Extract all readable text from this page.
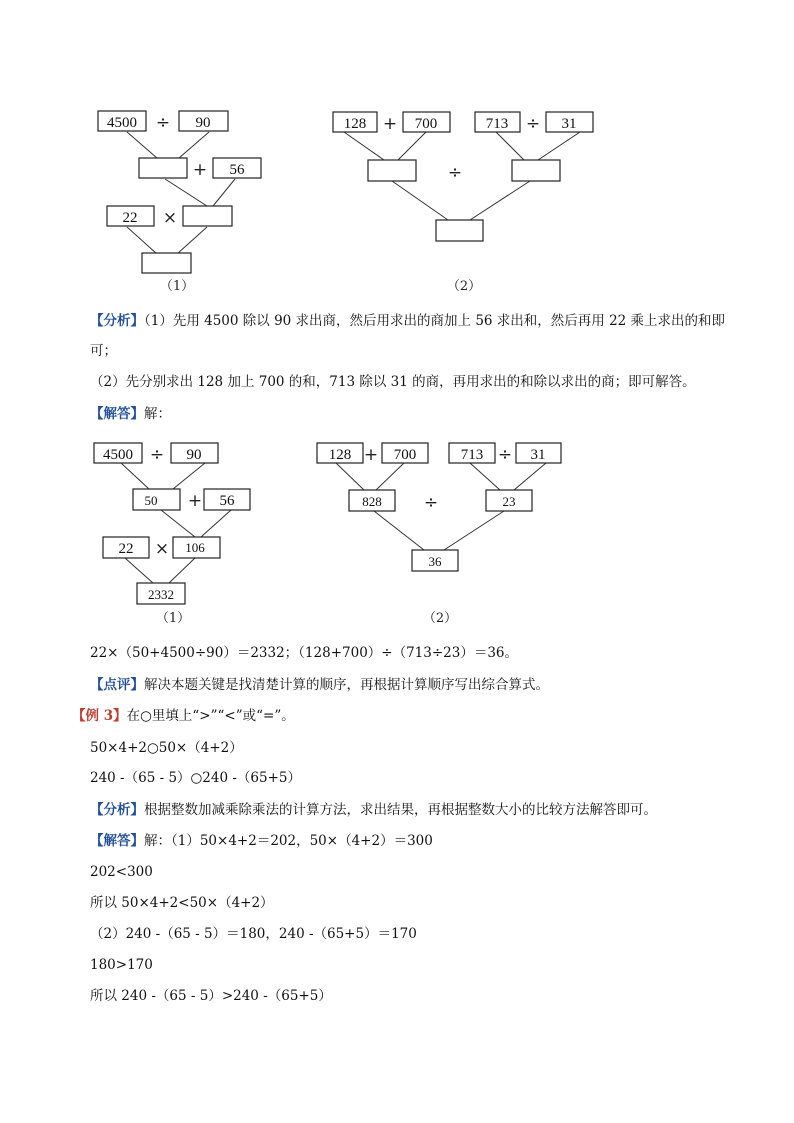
4500 ÷ 90
+ 56
22 ×
（1）
128 + 700	713 ÷ 31
÷
（2）
【分析】（1）先用 4500 除以 90 求出商，然后用求出的商加上 56 求出和，然后再用 22 乘上求出的和即
可；
（2）先分别求出 128 加上 700 的和，713 除以 31 的商，再用求出的和除以求出的商；即可解答。
【解答】解：
4500 ÷ 90
50 + 56
22 × 106
2332
（1）
128 + 700	713 ÷ 31
828 ÷	23
36
（2）
22×（50+4500÷90）＝2332；（128+700）÷（713÷23）＝36。
【点评】解决本题关键是找清楚计算的顺序，再根据计算顺序写出综合算式。
【例 3】在○里填上“>”“<”或“=”。
50×4+2○50×（4+2）
240 -（65 - 5）○240 -（65+5）
【分析】根据整数加减乘除乘法的计算方法，求出结果，再根据整数大小的比较方法解答即可。
【解答】解：（1）50×4+2＝202，50×（4+2）＝300
202<300
所以 50×4+2<50×（4+2）
（2）240 -（65 - 5）＝180，240 -（65+5）＝170
180>170
所以 240 -（65 - 5）>240 -（65+5）
